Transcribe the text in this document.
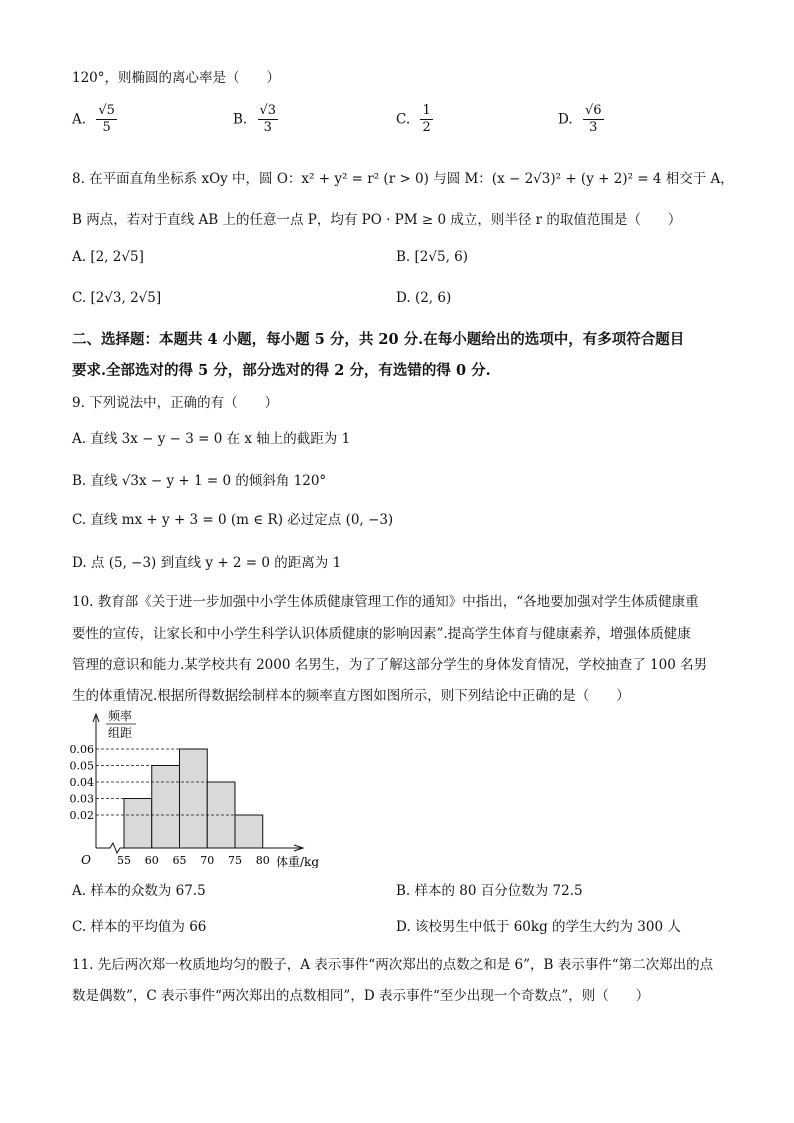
120°，则椭圆的离心率是（　　）
A. $\frac{√5}{5}$	B. $\frac{√3}{3}$	C. $\frac{1}{2}$	D. $\frac{√6}{3}$
8. 在平面直角坐标系 xOy 中，圆 O：x² + y² = r² (r > 0) 与圆 M：(x − 2√3)² + (y + 2)² = 4 相交于 A，
B 两点，若对于直线 AB 上的任意一点 P，均有 PO · PM ≥ 0 成立，则半径 r 的取值范围是（　　）
A. [2, 2√5]	B. [2√5, 6)
C. [2√3, 2√5]	D. (2, 6)
二、选择题：本题共 4 小题，每小题 5 分，共 20 分.在每小题给出的选项中，有多项符合题目
要求.全部选对的得 5 分，部分选对的得 2 分，有选错的得 0 分.
9. 下列说法中，正确的有（　　）
A. 直线 3x − y − 3 = 0 在 x 轴上的截距为 1
B. 直线 √3x − y + 1 = 0 的倾斜角 120°
C. 直线 mx + y + 3 = 0 (m ∈ R) 必过定点 (0, −3)
D. 点 (5, −3) 到直线 y + 2 = 0 的距离为 1
10. 教育部《关于进一步加强中小学生体质健康管理工作的通知》中指出，“各地要加强对学生体质健康重
要性的宣传，让家长和中小学生科学认识体质健康的影响因素”.提高学生体育与健康素养，增强体质健康
管理的意识和能力.某学校共有 2000 名男生，为了了解这部分学生的身体发育情况，学校抽查了 100 名男
生的体重情况.根据所得数据绘制样本的频率直方图如图所示，则下列结论中正确的是（　　）
0.02
0.03
0.04
0.05
0.06
55 60 65 70 75 80
O	体重/kg
频率
组距
A. 样本的众数为 67.5	B. 样本的 80 百分位数为 72.5
C. 样本的平均值为 66	D. 该校男生中低于 60kg 的学生大约为 300 人
11. 先后两次郑一枚质地均匀的骰子，A 表示事件“两次郑出的点数之和是 6”，B 表示事件“第二次郑出的点
数是偶数”，C 表示事件“两次郑出的点数相同”，D 表示事件“至少出现一个奇数点”，则（　　）
